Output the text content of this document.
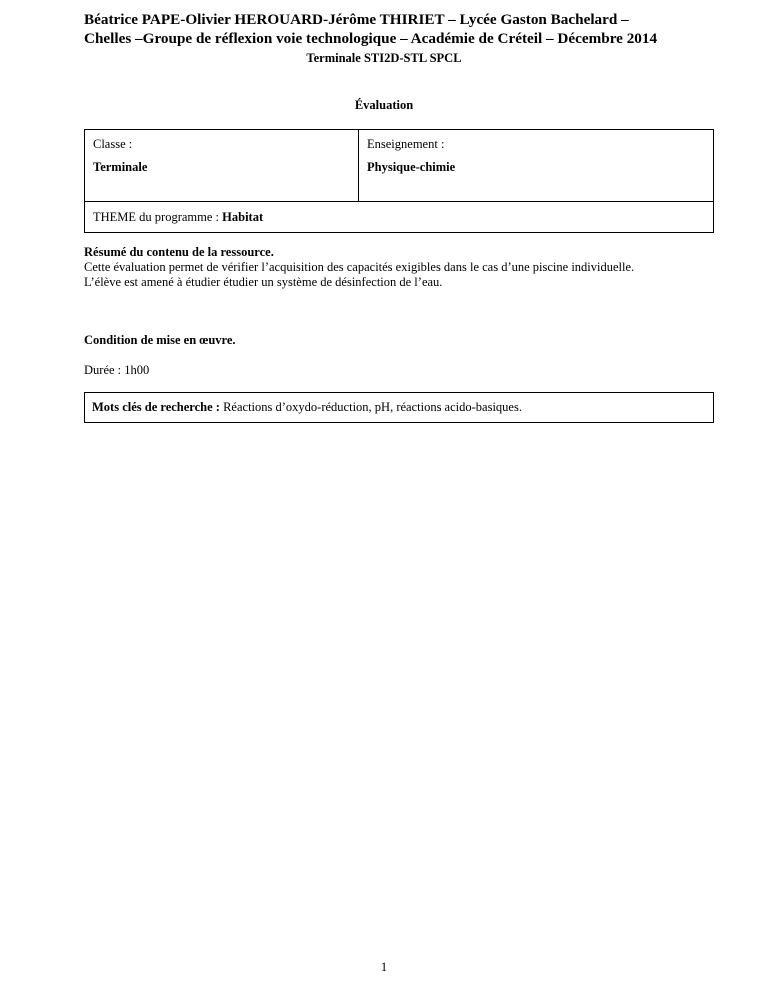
Béatrice PAPE-Olivier HEROUARD-Jérôme THIRIET – Lycée Gaston Bachelard –
Chelles –Groupe de réflexion voie technologique – Académie de Créteil – Décembre 2014
Terminale STI2D-STL SPCL
Évaluation
Classe :
Terminale

Enseignement :
Physique-chimie

THEME du programme : Habitat
Résumé du contenu de la ressource.
Cette évaluation permet de vérifier l’acquisition des capacités exigibles dans le cas d’une piscine individuelle.
L’élève est amené à étudier étudier un système de désinfection de l’eau.
Condition de mise en œuvre.
Durée : 1h00
Mots clés de recherche : Réactions d’oxydo-réduction, pH, réactions acido-basiques.
1
